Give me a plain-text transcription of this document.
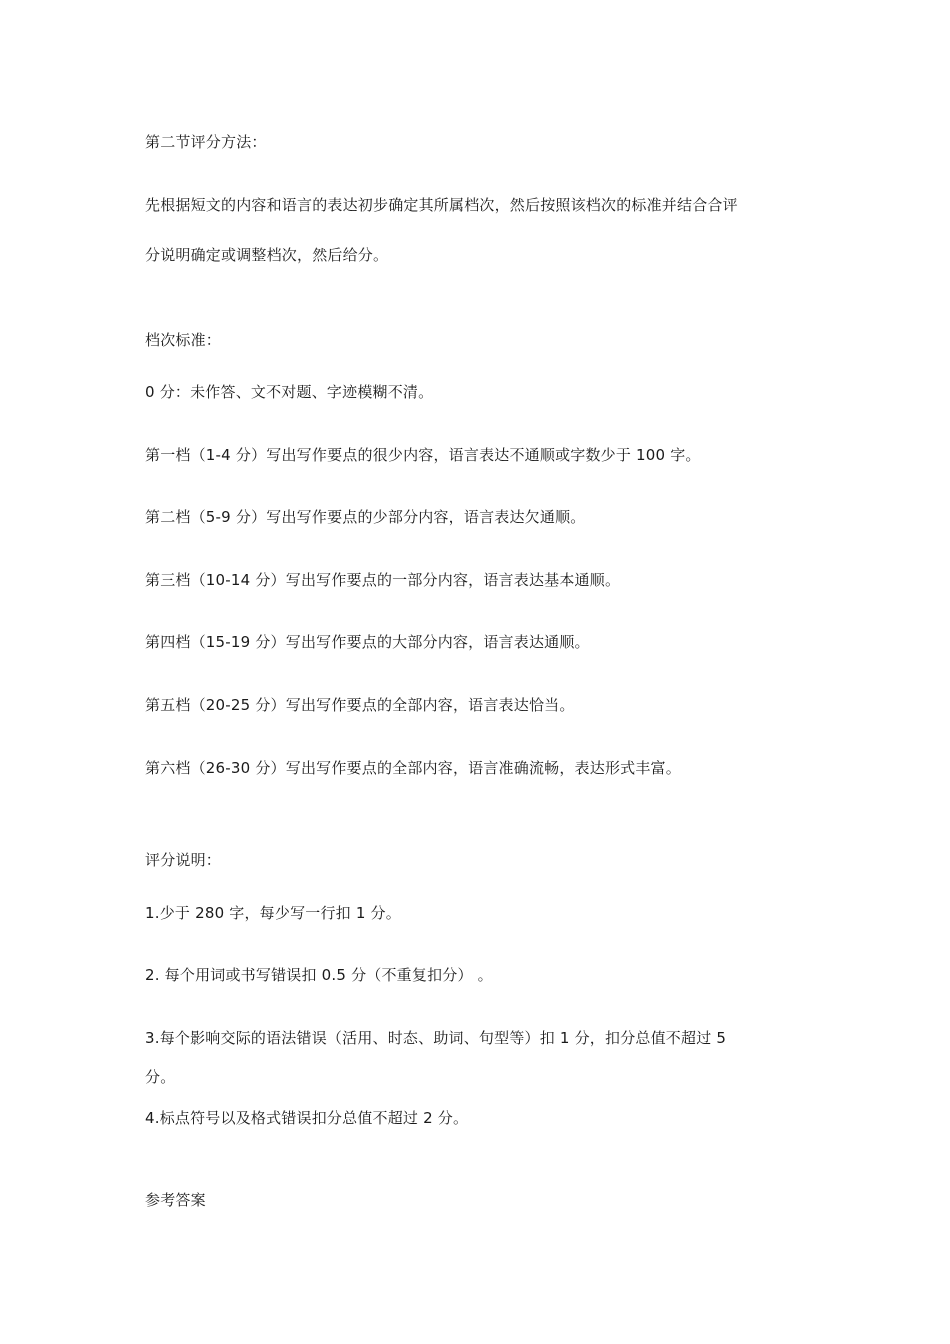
第二节评分方法：
先根据短文的内容和语言的表达初步确定其所属档次，然后按照该档次的标准并结合合评
分说明确定或调整档次，然后给分。
档次标准：
0 分：未作答、文不对题、字迹模糊不清。
第一档（1-4 分）写出写作要点的很少内容，语言表达不通顺或字数少于 100 字。
第二档（5-9 分）写出写作要点的少部分内容，语言表达欠通顺。
第三档（10-14 分）写出写作要点的一部分内容，语言表达基本通顺。
第四档（15-19 分）写出写作要点的大部分内容，语言表达通顺。
第五档（20-25 分）写出写作要点的全部内容，语言表达恰当。
第六档（26-30 分）写出写作要点的全部内容，语言准确流畅，表达形式丰富。
评分说明：
1.少于 280 字，每少写一行扣 1 分。
2. 每个用词或书写错误扣 0.5 分（不重复扣分） 。
3.每个影响交际的语法错误（活用、时态、助词、句型等）扣 1 分，扣分总值不超过 5
分。
4.标点符号以及格式错误扣分总值不超过 2 分。
参考答案
